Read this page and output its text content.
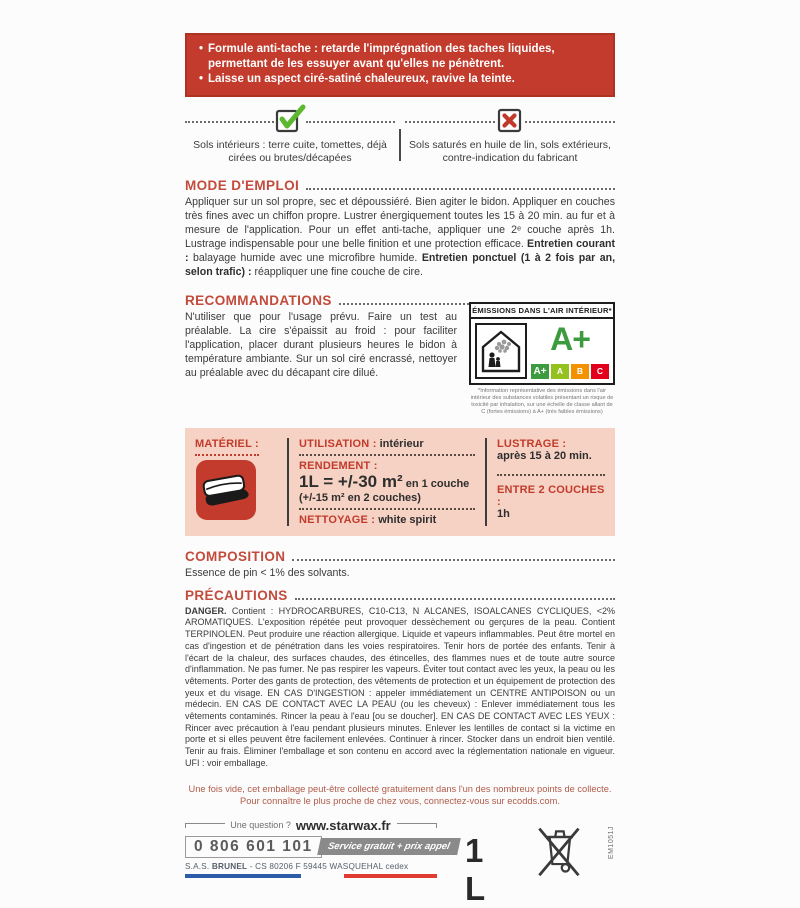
• Formule anti-tache : retarde l'imprégnation des taches liquides, permettant de les essuyer avant qu'elles ne pénètrent.
• Laisse un aspect ciré-satiné chaleureux, ravive la teinte.
Sols intérieurs : terre cuite, tomettes, déjà cirées ou brutes/décapées
Sols saturés en huile de lin, sols extérieurs, contre-indication du fabricant
MODE D'EMPLOI
Appliquer sur un sol propre, sec et dépoussiéré. Bien agiter le bidon. Appliquer en couches très fines avec un chiffon propre. Lustrer énergiquement toutes les 15 à 20 min. au fur et à mesure de l'application. Pour un effet anti-tache, appliquer une 2ᵉ couche après 1h. Lustrage indispensable pour une belle finition et une protection efficace. Entretien courant : balayage humide avec une microfibre humide. Entretien ponctuel (1 à 2 fois par an, selon trafic) : réappliquer une fine couche de cire.
RECOMMANDATIONS
N'utiliser que pour l'usage prévu. Faire un test au préalable. La cire s'épaissit au froid : pour faciliter l'application, placer durant plusieurs heures le bidon à température ambiante. Sur un sol ciré encrassé, nettoyer au préalable avec du décapant cire dilué.
ÉMISSIONS DANS L'AIR INTÉRIEUR*
A+
A+	A	B	C
*Information représentative des émissions dans l'air intérieur des substances volatiles présentant un risque de toxicité par inhalation, sur une échelle de classe allant de C (fortes émissions) à A+ (très faibles émissions)
MATÉRIEL :	UTILISATION : intérieur
RENDEMENT :
1L = +/-30 m² en 1 couche
(+/-15 m² en 2 couches)
NETTOYAGE : white spirit
LUSTRAGE :
après 15 à 20 min.
ENTRE 2 COUCHES :
1h
COMPOSITION
Essence de pin < 1% des solvants.
PRÉCAUTIONS
DANGER. Contient : HYDROCARBURES, C10-C13, N ALCANES, ISOALCANES CYCLIQUES, <2% AROMATIQUES. L'exposition répétée peut provoquer dessèchement ou gerçures de la peau. Contient TERPINOLEN. Peut produire une réaction allergique. Liquide et vapeurs inflammables. Peut être mortel en cas d'ingestion et de pénétration dans les voies respiratoires. Tenir hors de portée des enfants. Tenir à l'écart de la chaleur, des surfaces chaudes, des étincelles, des flammes nues et de toute autre source d'inflammation. Ne pas fumer. Ne pas respirer les vapeurs. Éviter tout contact avec les yeux, la peau ou les vêtements. Porter des gants de protection, des vêtements de protection et un équipement de protection des yeux et du visage. EN CAS D'INGESTION : appeler immédiatement un CENTRE ANTIPOISON ou un médecin. EN CAS DE CONTACT AVEC LA PEAU (ou les cheveux) : Enlever immédiatement tous les vêtements contaminés. Rincer la peau à l'eau [ou se doucher]. EN CAS DE CONTACT AVEC LES YEUX : Rincer avec précaution à l'eau pendant plusieurs minutes. Enlever les lentilles de contact si la victime en porte et si elles peuvent être facilement enlevées. Continuer à rincer. Stocker dans un endroit bien ventilé. Tenir au frais. Éliminer l'emballage et son contenu en accord avec la réglementation nationale en vigueur. UFI : voir emballage.
Une fois vide, cet emballage peut-être collecté gratuitement dans l'un des nombreux points de collecte.
Pour connaître le plus proche de chez vous, connectez-vous sur ecodds.com.
Une question ? www.starwax.fr
0 806 601 101	Service gratuit + prix appel
S.A.S. BRUNEL - CS 80206 F 59445 WASQUEHAL cedex	1 L
EM1051J
